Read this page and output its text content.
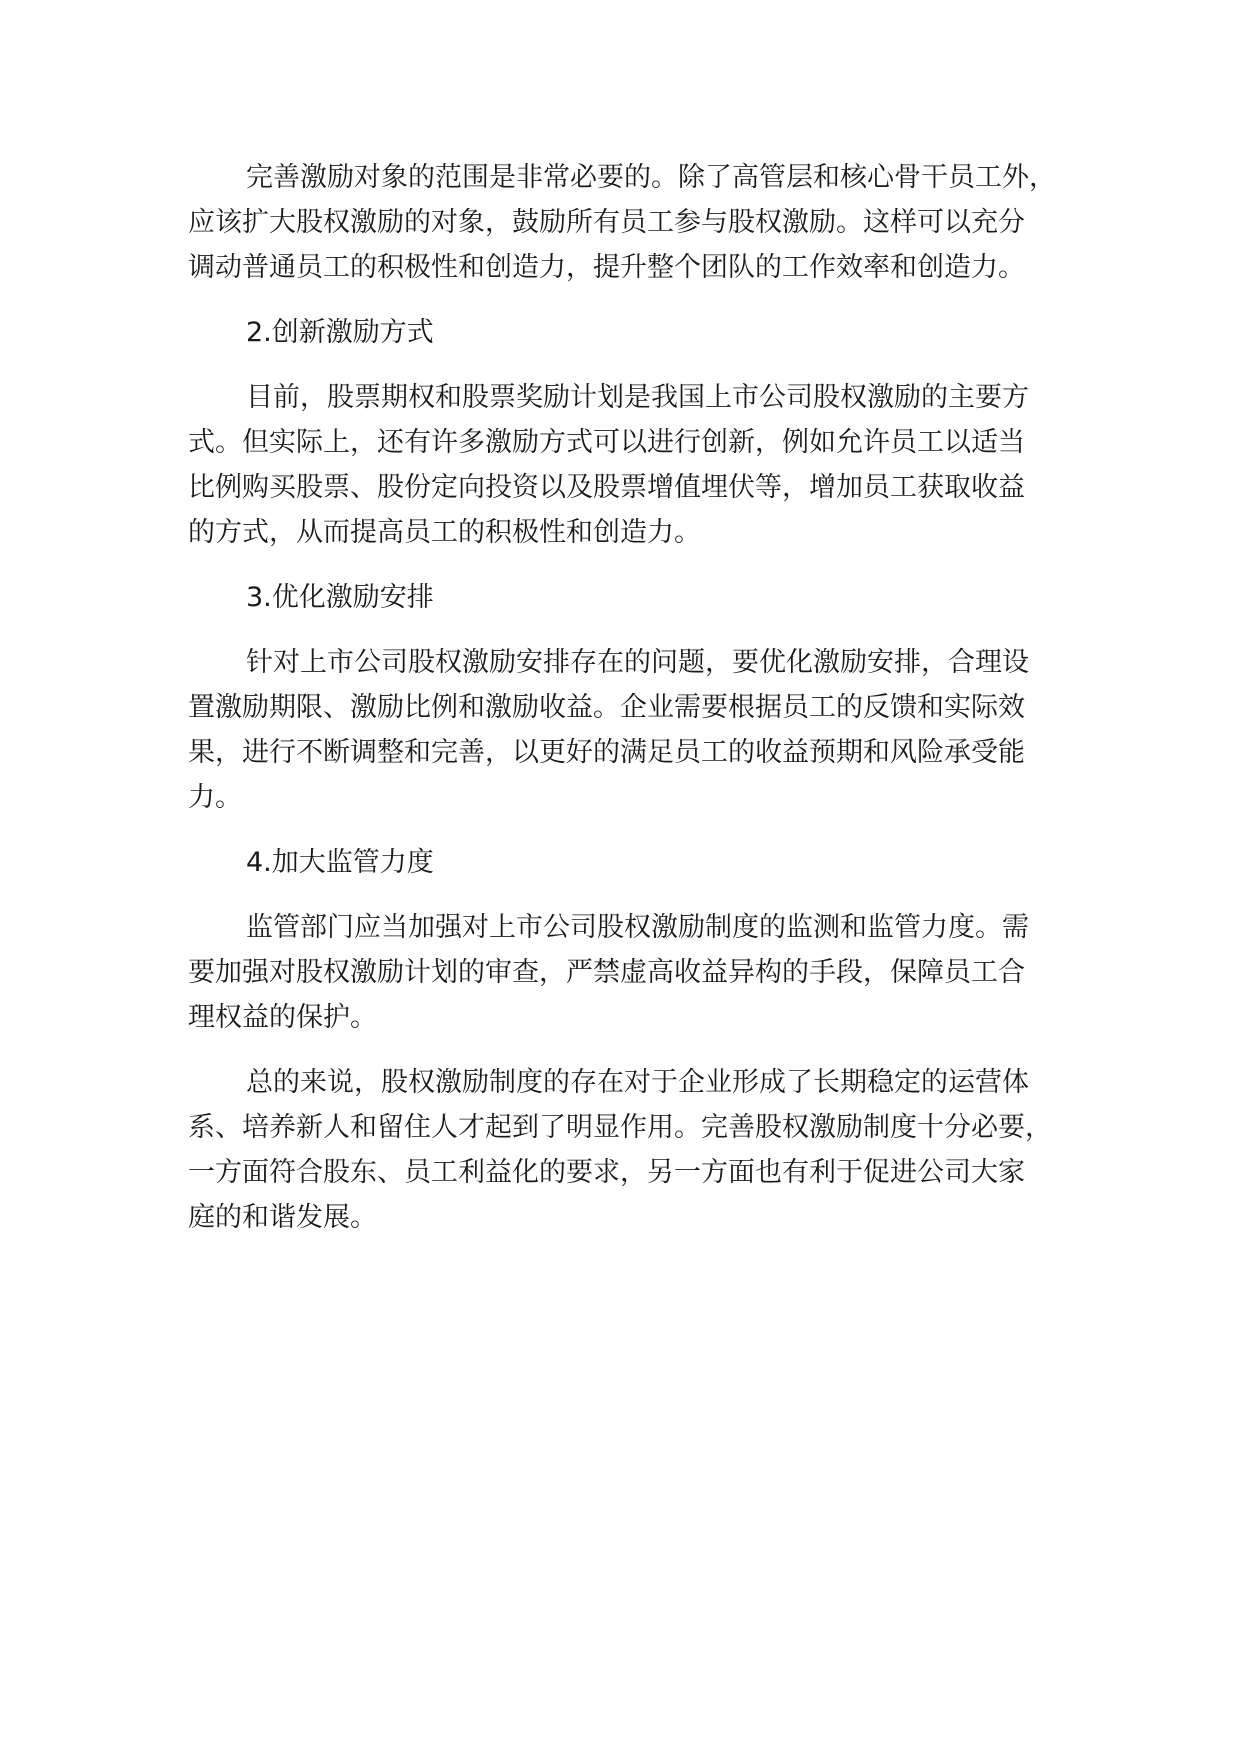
完善激励对象的范围是非常必要的。除了高管层和核心骨干员工外，
应该扩大股权激励的对象，鼓励所有员工参与股权激励。这样可以充分
调动普通员工的积极性和创造力，提升整个团队的工作效率和创造力。
2.创新激励方式
目前，股票期权和股票奖励计划是我国上市公司股权激励的主要方
式。但实际上，还有许多激励方式可以进行创新，例如允许员工以适当
比例购买股票、股份定向投资以及股票增值埋伏等，增加员工获取收益
的方式，从而提高员工的积极性和创造力。
3.优化激励安排
针对上市公司股权激励安排存在的问题，要优化激励安排，合理设
置激励期限、激励比例和激励收益。企业需要根据员工的反馈和实际效
果，进行不断调整和完善，以更好的满足员工的收益预期和风险承受能
力。
4.加大监管力度
监管部门应当加强对上市公司股权激励制度的监测和监管力度。需
要加强对股权激励计划的审查，严禁虚高收益异构的手段，保障员工合
理权益的保护。
总的来说，股权激励制度的存在对于企业形成了长期稳定的运营体
系、培养新人和留住人才起到了明显作用。完善股权激励制度十分必要，
一方面符合股东、员工利益化的要求，另一方面也有利于促进公司大家
庭的和谐发展。
